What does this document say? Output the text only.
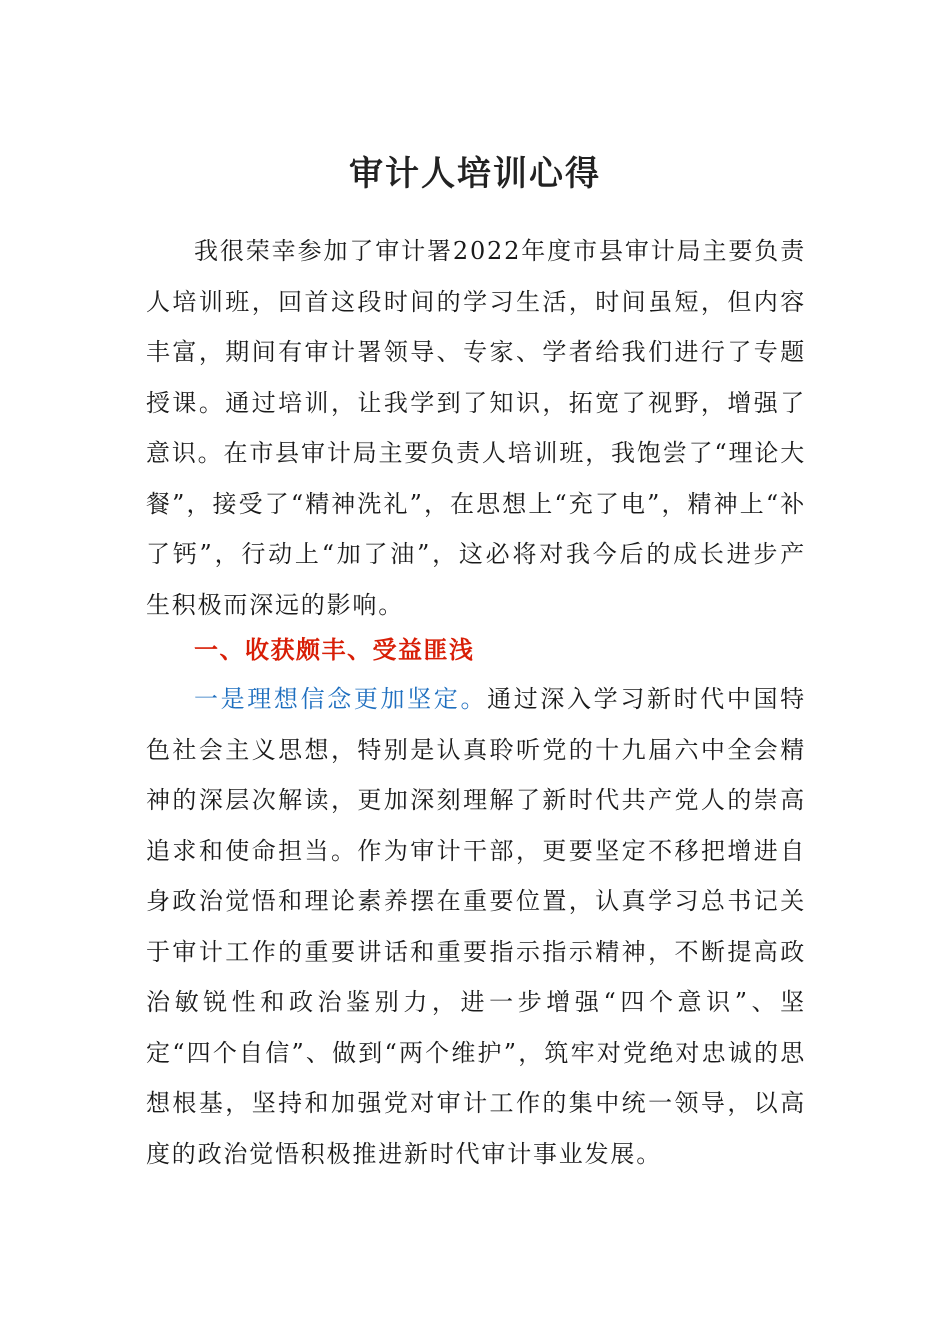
审计人培训心得

我很荣幸参加了审计署2022年度市县审计局主要负责人培训班，回首这段时间的学习生活，时间虽短，但内容丰富，期间有审计署领导、专家、学者给我们进行了专题授课。通过培训，让我学到了知识，拓宽了视野，增强了意识。在市县审计局主要负责人培训班，我饱尝了“理论大餐”，接受了“精神洗礼”，在思想上“充了电”，精神上“补了钙”，行动上“加了油”，这必将对我今后的成长进步产生积极而深远的影响。

一、收获颇丰、受益匪浅

一是理想信念更加坚定。通过深入学习新时代中国特色社会主义思想，特别是认真聆听党的十九届六中全会精神的深层次解读，更加深刻理解了新时代共产党人的崇高追求和使命担当。作为审计干部，更要坚定不移把增进自身政治觉悟和理论素养摆在重要位置，认真学习总书记关于审计工作的重要讲话和重要指示指示精神，不断提高政治敏锐性和政治鉴别力，进一步增强“四个意识”、坚定“四个自信”、做到“两个维护”，筑牢对党绝对忠诚的思想根基，坚持和加强党对审计工作的集中统一领导，以高度的政治觉悟积极推进新时代审计事业发展。
